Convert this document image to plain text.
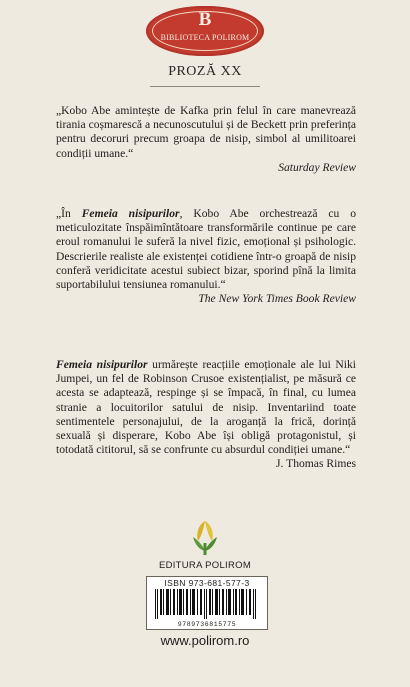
B
BIBLIOTECA POLIROM
PROZĂ XX

„Kobo Abe amintește de Kafka prin felul în care manevrează tirania coșmarescă a necunoscutului și de Beckett prin preferința pentru decoruri precum groapa de nisip, simbol al umilitoarei condiții umane.“

Saturday Review

„În Femeia nisipurilor, Kobo Abe orchestrează cu o meticulozitate înspăimîntătoare transformările continue pe care eroul romanului le suferă la nivel fizic, emoțional și psihologic. Descrierile realiste ale existenței cotidiene într-o groapă de nisip conferă veridicitate acestui subiect bizar, sporind pînă la limita suportabilului tensiunea romanului.“

The New York Times Book Review

Femeia nisipurilor urmărește reacțiile emoționale ale lui Niki Jumpei, un fel de Robinson Crusoe existențialist, pe măsură ce acesta se adaptează, respinge și se împacă, în final, cu lumea stranie a locuitorilor satului de nisip. Inventariind toate sentimentele personajului, de la aroganță la frică, dorință sexuală și disperare, Kobo Abe își obligă protagonistul, și totodată cititorul, să se confrunte cu absurdul condiției umane.“

J. Thomas Rimes
EDITURA POLIROM
ISBN 973-681-577-3
9789736815775
www.polirom.ro
